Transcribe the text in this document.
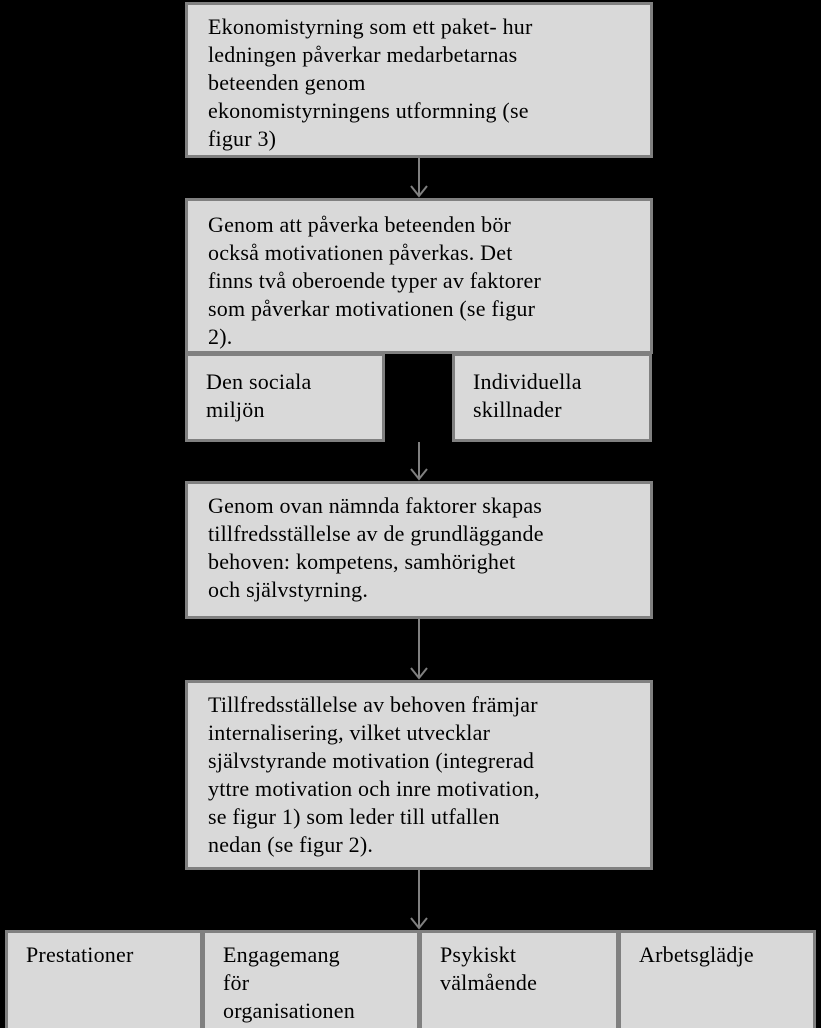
Ekonomistyrning som ett paket- hur
ledningen påverkar medarbetarnas
beteenden genom
ekonomistyrningens utformning (se
figur 3)
Genom att påverka beteenden bör
också motivationen påverkas. Det
finns två oberoende typer av faktorer
som påverkar motivationen (se figur
2).
Den sociala
miljön
Individuella
skillnader
Genom ovan nämnda faktorer skapas
tillfredsställelse av de grundläggande
behoven: kompetens, samhörighet
och självstyrning.
Tillfredsställelse av behoven främjar
internalisering, vilket utvecklar
självstyrande motivation (integrerad
yttre motivation och inre motivation,
se figur 1) som leder till utfallen
nedan (se figur 2).
Prestationer	Engagemang
för
organisationen
Psykiskt
välmående
Arbetsglädje
